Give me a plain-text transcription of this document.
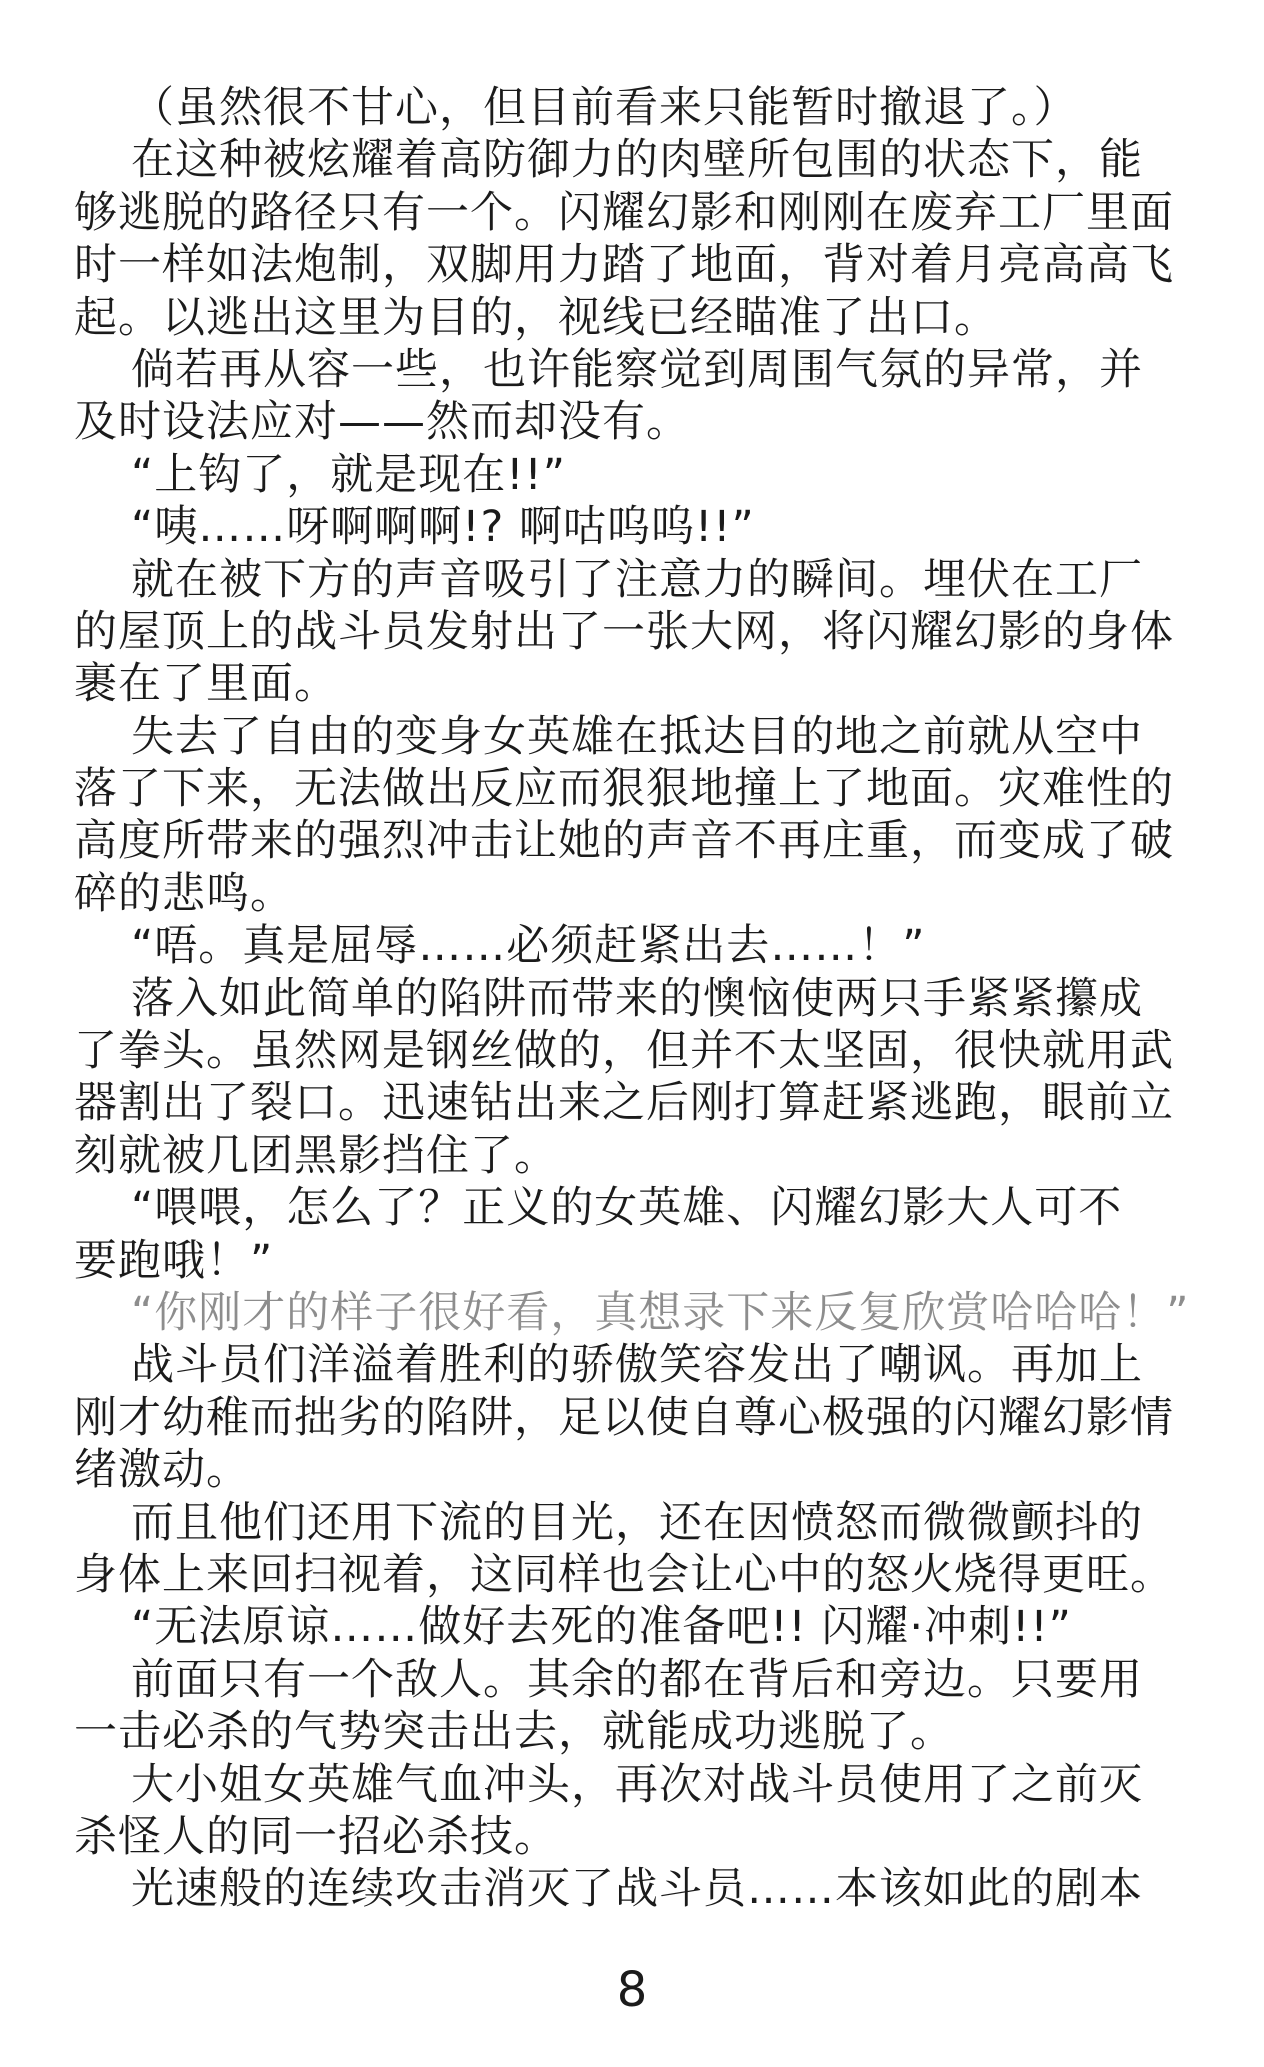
（虽然很不甘心，但目前看来只能暂时撤退了。）
在这种被炫耀着高防御力的肉壁所包围的状态下，能
够逃脱的路径只有一个。闪耀幻影和刚刚在废弃工厂里面
时一样如法炮制，双脚用力踏了地面，背对着月亮高高飞
起。以逃出这里为目的，视线已经瞄准了出口。
倘若再从容一些，也许能察觉到周围气氛的异常，并
及时设法应对——然而却没有。
“上钩了，就是现在!!”
“咦……呀啊啊啊!? 啊咕呜呜!!”
就在被下方的声音吸引了注意力的瞬间。埋伏在工厂
的屋顶上的战斗员发射出了一张大网，将闪耀幻影的身体
裹在了里面。
失去了自由的变身女英雄在抵达目的地之前就从空中
落了下来，无法做出反应而狠狠地撞上了地面。灾难性的
高度所带来的强烈冲击让她的声音不再庄重，而变成了破
碎的悲鸣。
“唔。真是屈辱……必须赶紧出去……！”
落入如此简单的陷阱而带来的懊恼使两只手紧紧攥成
了拳头。虽然网是钢丝做的，但并不太坚固，很快就用武
器割出了裂口。迅速钻出来之后刚打算赶紧逃跑，眼前立
刻就被几团黑影挡住了。
“喂喂，怎么了？正义的女英雄、闪耀幻影大人可不
要跑哦！”
“你刚才的样子很好看，真想录下来反复欣赏哈哈哈！”
战斗员们洋溢着胜利的骄傲笑容发出了嘲讽。再加上
刚才幼稚而拙劣的陷阱，足以使自尊心极强的闪耀幻影情
绪激动。
而且他们还用下流的目光，还在因愤怒而微微颤抖的
身体上来回扫视着，这同样也会让心中的怒火烧得更旺。
“无法原谅……做好去死的准备吧!! 闪耀·冲刺!!”
前面只有一个敌人。其余的都在背后和旁边。只要用
一击必杀的气势突击出去，就能成功逃脱了。
大小姐女英雄气血冲头，再次对战斗员使用了之前灭
杀怪人的同一招必杀技。
光速般的连续攻击消灭了战斗员……本该如此的剧本
8
